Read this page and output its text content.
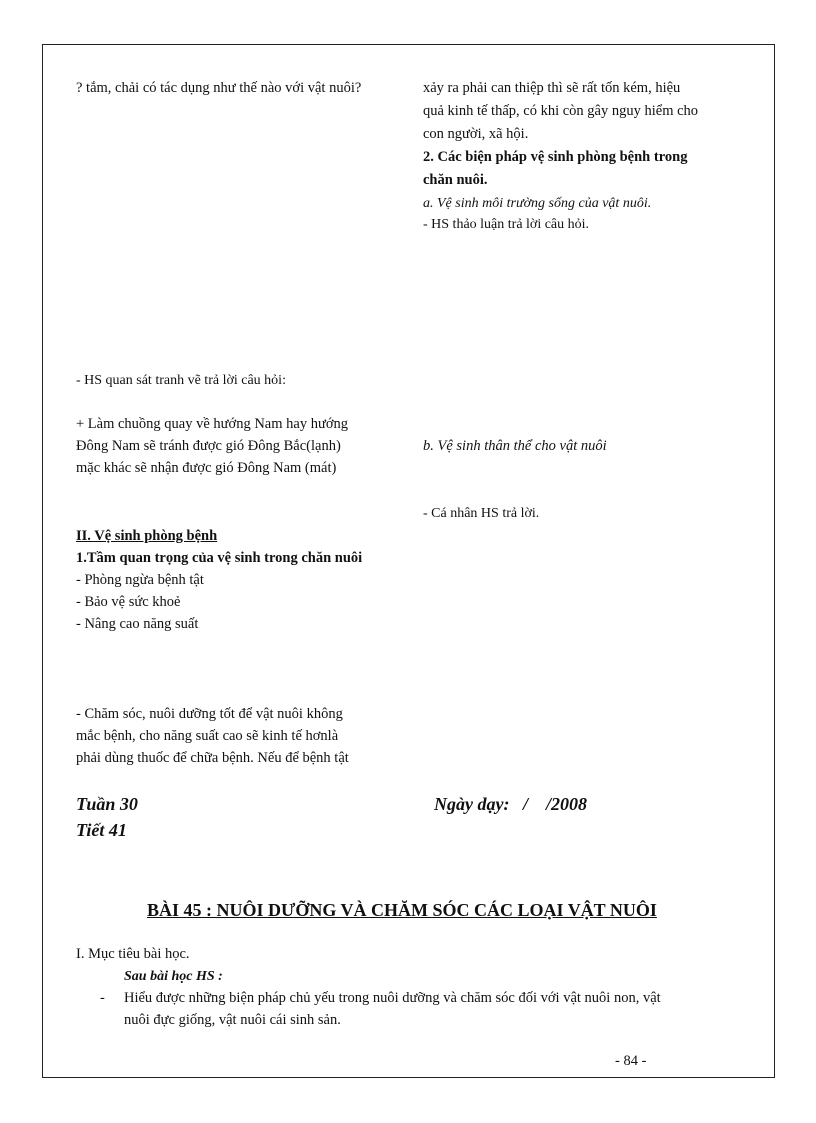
? tắm, chải có tác dụng như thế nào với vật nuôi?	xảy ra phải can thiệp thì sẽ rất tốn kém, hiệu
quả kinh tế thấp, có khi còn gây nguy hiểm cho
con người, xã hội.
2. Các biện pháp vệ sinh phòng bệnh trong
chăn nuôi.
a. Vệ sinh môi trường sống của vật nuôi.
- HS thảo luận trả lời câu hỏi.
- HS quan sát tranh vẽ trả lời câu hỏi:
+ Làm chuồng quay về hướng Nam hay hướng
Đông Nam sẽ tránh được gió Đông Bắc(lạnh)
mặc khác sẽ nhận được gió Đông Nam (mát)
b. Vệ sinh thân thể cho vật nuôi
- Cá nhân HS trả lời.
II. Vệ sinh phòng bệnh
1.Tầm quan trọng của vệ sinh trong chăn nuôi
- Phòng ngừa bệnh tật
- Bảo vệ sức khoẻ
- Nâng cao năng suất
- Chăm sóc, nuôi dưỡng tốt để vật nuôi không
mắc bệnh, cho năng suất cao sẽ kinh tế hơnlà
phải dùng thuốc để chữa bệnh. Nếu để bệnh tật
Tuần 30
Tiết 41
Ngày dạy:   /    /2008
BÀI 45 : NUÔI DƯỠNG VÀ CHĂM SÓC CÁC LOẠI VẬT NUÔI
I. Mục tiêu bài học.
Sau bài học HS :
- Hiểu được những biện pháp chủ yếu trong nuôi dưỡng và chăm sóc đối với vật nuôi non, vật
nuôi đực giống, vật nuôi cái sinh sản.
- 84 -
